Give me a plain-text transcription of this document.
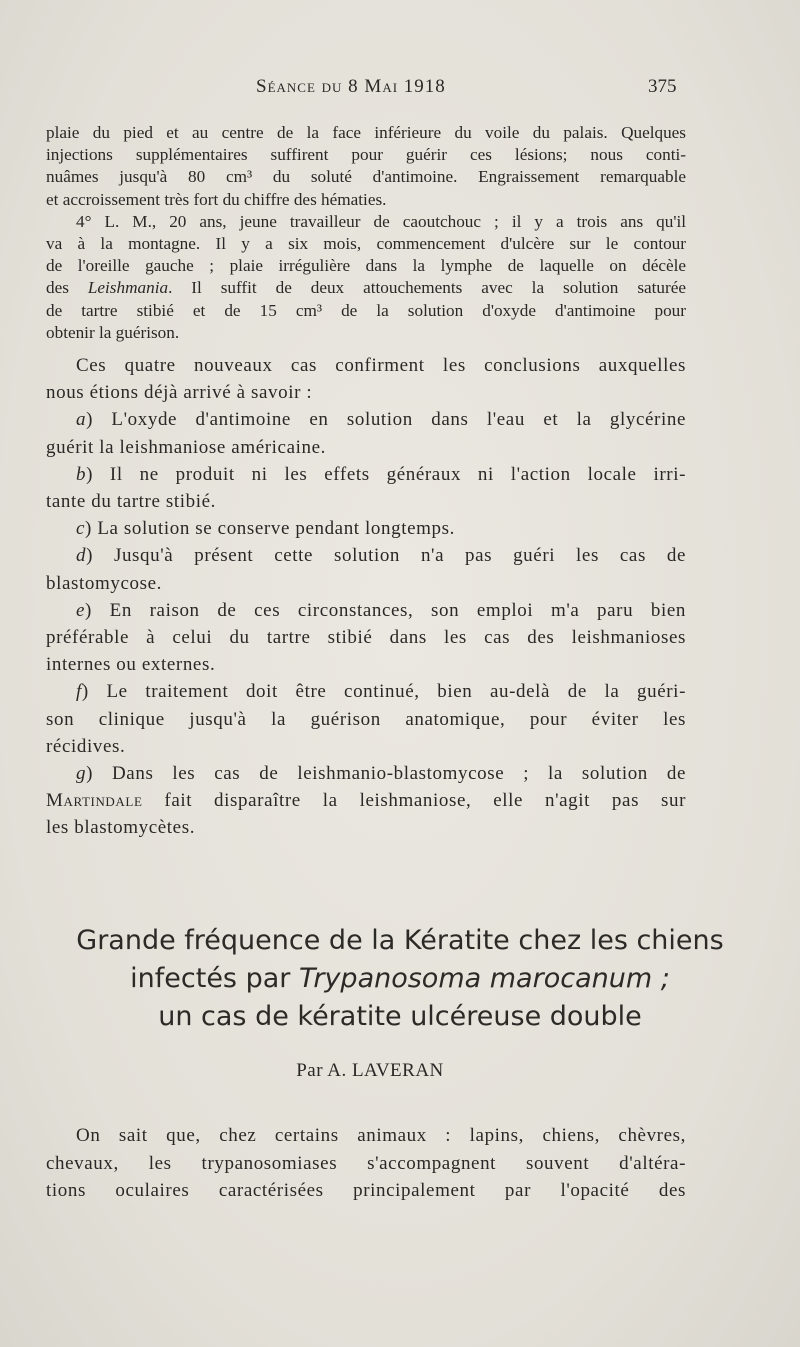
Séance du 8 Mai 1918	375
plaie du pied et au centre de la face inférieure du voile du palais. Quelques
injections supplémentaires suffirent pour guérir ces lésions; nous conti-
nuâmes jusqu'à 80 cm³ du soluté d'antimoine. Engraissement remarquable
et accroissement très fort du chiffre des hématies.
4° L. M., 20 ans, jeune travailleur de caoutchouc ; il y a trois ans qu'il
va à la montagne. Il y a six mois, commencement d'ulcère sur le contour
de l'oreille gauche ; plaie irrégulière dans la lymphe de laquelle on décèle
des Leishmania. Il suffit de deux attouchements avec la solution saturée
de tartre stibié et de 15 cm³ de la solution d'oxyde d'antimoine pour
obtenir la guérison.
Ces quatre nouveaux cas confirment les conclusions auxquelles
nous étions déjà arrivé à savoir :
a) L'oxyde d'antimoine en solution dans l'eau et la glycérine
guérit la leishmaniose américaine.
b) Il ne produit ni les effets généraux ni l'action locale irri-
tante du tartre stibié.
c) La solution se conserve pendant longtemps.
d) Jusqu'à présent cette solution n'a pas guéri les cas de
blastomycose.
e) En raison de ces circonstances, son emploi m'a paru bien
préférable à celui du tartre stibié dans les cas des leishmanioses
internes ou externes.
f) Le traitement doit être continué, bien au-delà de la guéri-
son clinique jusqu'à la guérison anatomique, pour éviter les
récidives.
g) Dans les cas de leishmanio-blastomycose ; la solution de
Martindale fait disparaître la leishmaniose, elle n'agit pas sur
les blastomycètes.
Grande fréquence de la Kératite chez les chiens
infectés par Trypanosoma marocanum ;
un cas de kératite ulcéreuse double
Par A. LAVERAN
On sait que, chez certains animaux : lapins, chiens, chèvres,
chevaux, les trypanosomiases s'accompagnent souvent d'altéra-
tions oculaires caractérisées principalement par l'opacité des
